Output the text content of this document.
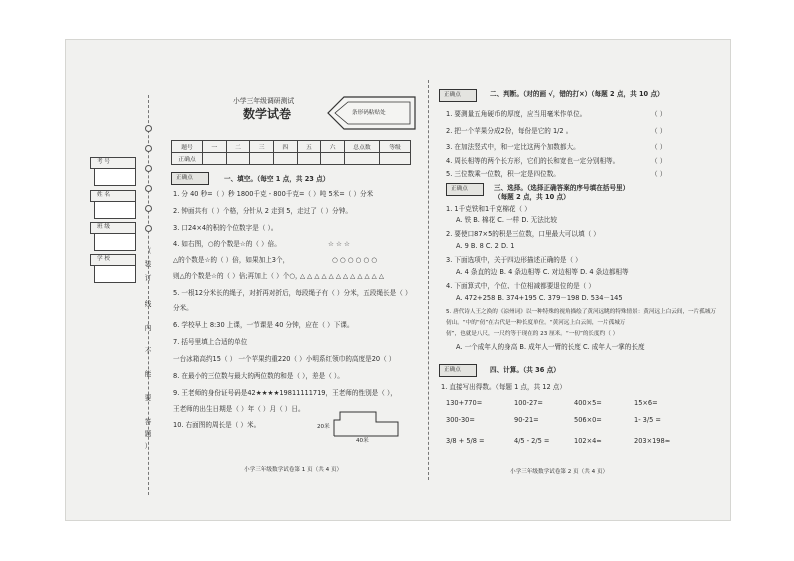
考 号
姓 名
班 级
学 校
（
装
订
线
内
不
能
要
答
题
）
小学三年级调研测试
数学试卷	条形码粘贴处
题号	一	二	三	四	五	六	总点数	等级
正确点								
正确点	一、填空。（每空 1 点，共 23 点）
1. 分 40 秒=（ ）秒 1800千克 - 800千克=（ ）吨 5米=（ ）分米
2. 钟面共有（ ）个格，分针从 2 走到 5，走过了（ ）分钟。
3. 口24×4的积的个位数字是（ ）。
4. 如右图，○的个数是☆的（ ）倍。
△的个数是☆的（ ）倍，如果加上3个，
则△的个数是☆的（ ）倍;再加上（ ）个○，
☆ ☆ ☆
○ ○ ○ ○ ○ ○
△ △ △ △ △ △ △ △ △ △ △ △
5. 一根12分米长的绳子，对折再对折后，每段绳子有（ ）分米，五段绳长是（ ）
分米。
6. 学校早上 8:30 上课，一节课是 40 分钟，应在（ ）下课。
7. 括号里填上合适的单位
一台冰箱高约15（ ） 一个苹果约重220（ ）小明系红领巾的高度是20（ ）
8. 在最小的三位数与最大的两位数的和是（ ），差是（ ）。
9. 王老师的身份证号码是42★★★★19811111719，王老师的性别是（ ），
王老师的出生日期是（ ）年（ ）月（ ）日。
10. 右面图的周长是（ ）米。	20米
40米
小学三年级数学试卷第 1 页（共 4 页）
正确点	二、判断。（对的画 √，错的打×）（每题 2 点，共 10 点）
1. 要测量五角硬币的厚度，应当用毫米作单位。	（ ）
2. 把一个苹果分成2份，每份是它的 1/2 。	（ ）
3. 在加法竖式中，和一定比这两个加数都大。	（ ）
4. 周长相等的两个长方形，它们的长和宽也一定分别相等。	（ ）
5. 三位数乘一位数，积一定是四位数。	（ ）
正确点	三、选择。（选择正确答案的序号填在括号里）
（每题 2 点，共 10 点）
1. 1千克铁和1千克棉花（ ）
A. 铁 B. 棉花 C. 一样 D. 无法比较
2. 要使口87×5的积是三位数，口里最大可以填（ ）
A. 9 B. 8 C. 2 D. 1
3. 下面选项中，关于四边形描述正确的是（ ）
A. 4 条直的边 B. 4 条边相等 C. 对边相等 D. 4 条边都相等
4. 下面算式中，个位、十位相减都要退位的是（ ）
A. 472+258 B. 374+195 C. 379－198 D. 534－145
5. 唐代诗人王之涣的《凉州词》以一种特殊的视角描绘了黄河远眺的特殊情景：黄河远上白云间，一片孤城万
仞山。“中的“仞”在古代是一种长度单位。“黄河远上白云间，一片孤城万
仞”，也就是八尺，一尺约等于现在的 23 厘米。“一仞”的长度约（ ）
A. 一个成年人的身高 B. 成年人一臂的长度 C. 成年人一掌的长度
正确点	四、计算。（共 36 点）
1. 直接写出得数。（每题 1 点，共 12 点）
130+770=	100-27=	400×5=	15×6=
300-30=	90-21=	506×0=	1- 3/5 =
3/8 + 5/8 =	4/5 - 2/5 =	102×4≈	203×198≈
小学三年级数学试卷第 2 页（共 4 页）
